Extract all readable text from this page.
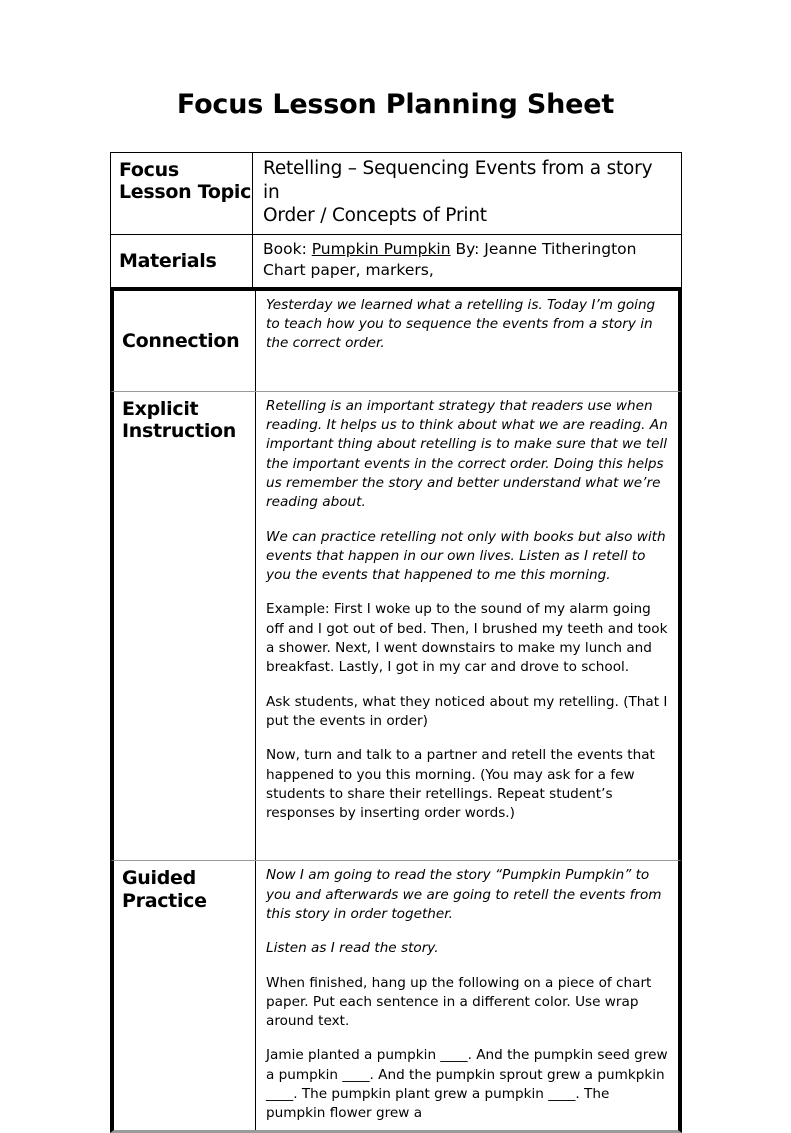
Focus Lesson Planning Sheet
Focus Lesson Topic
Retelling – Sequencing Events from a story in
Order / Concepts of Print
Materials
Book: Pumpkin Pumpkin By: Jeanne Titherington
Chart paper, markers,
Connection

Yesterday we learned what a retelling is. Today I’m going to teach how you to sequence the events from a story in the correct order.

Explicit Instruction

Retelling is an important strategy that readers use when reading. It helps us to think about what we are reading. An important thing about retelling is to make sure that we tell the important events in the correct order. Doing this helps us remember the story and better understand what we’re reading about.

We can practice retelling not only with books but also with events that happen in our own lives. Listen as I retell to you the events that happened to me this morning.

Example: First I woke up to the sound of my alarm going off and I got out of bed. Then, I brushed my teeth and took a shower. Next, I went downstairs to make my lunch and breakfast. Lastly, I got in my car and drove to school.

Ask students, what they noticed about my retelling. (That I put the events in order)

Now, turn and talk to a partner and retell the events that happened to you this morning. (You may ask for a few students to share their retellings. Repeat student’s responses by inserting order words.)

Guided Practice

Now I am going to read the story “Pumpkin Pumpkin” to you and afterwards we are going to retell the events from this story in order together.

Listen as I read the story.

When finished, hang up the following on a piece of chart paper. Put each sentence in a different color. Use wrap around text.

Jamie planted a pumpkin ____. And the pumpkin seed grew a pumpkin ____. And the pumpkin sprout grew a pumkpkin ____. The pumpkin plant grew a pumpkin ____. The pumpkin flower grew a
